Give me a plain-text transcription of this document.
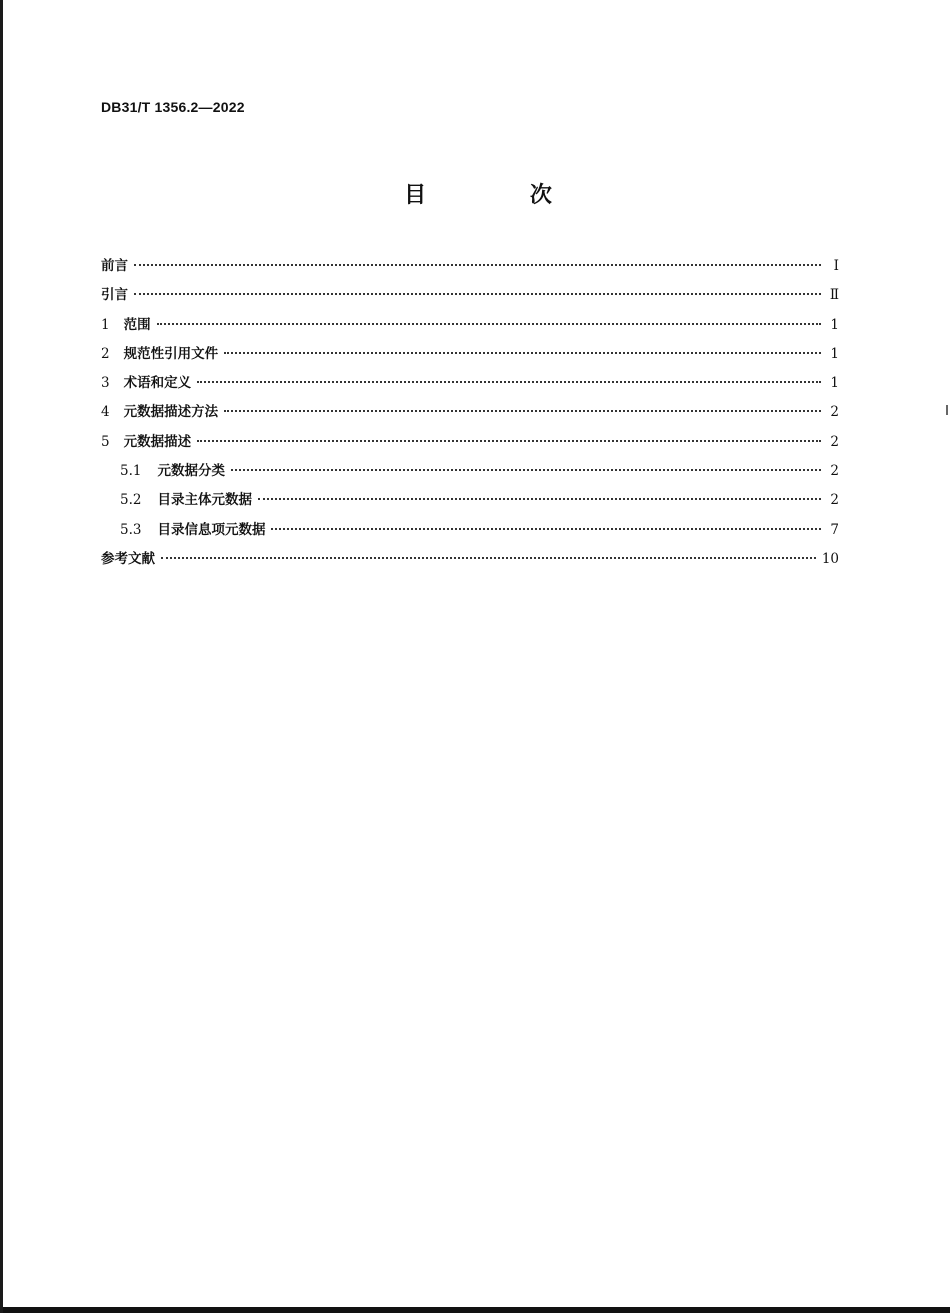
DB31/T 1356.2—2022
目 次
前言	Ⅰ
引言	Ⅱ
1 范围	1
2 规范性引用文件	1
3 术语和定义	1
4 元数据描述方法	2
5 元数据描述	2
5.1 元数据分类	2
5.2 目录主体元数据	2
5.3 目录信息项元数据	7
参考文献	10
